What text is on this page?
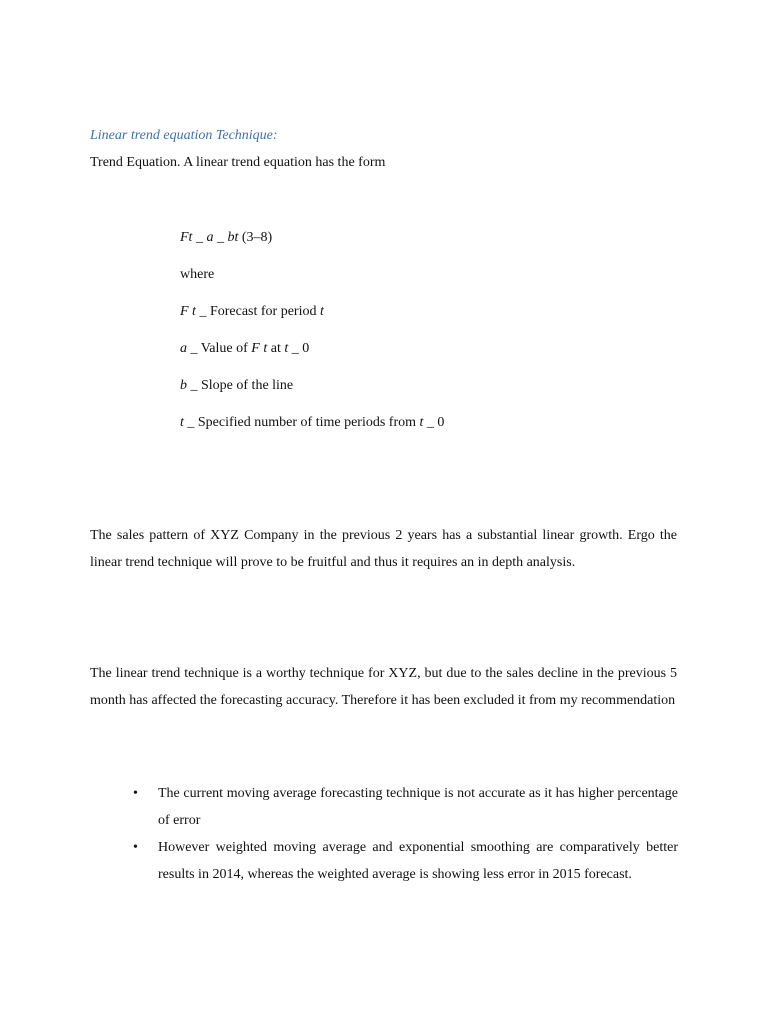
Linear trend equation Technique:
Trend Equation. A linear trend equation has the form
Ft _ a _ bt (3–8)
where
F t _ Forecast for period t
a _ Value of F t at t _ 0
b _ Slope of the line
t _ Specified number of time periods from t _ 0
The sales pattern of XYZ Company in the previous 2 years has a substantial linear growth. Ergo the linear trend technique will prove to be fruitful and thus it requires an in depth analysis.
The linear trend technique is a worthy technique for XYZ, but due to the sales decline in the previous 5 month has affected the forecasting accuracy. Therefore it has been excluded it from my recommendation
• The current moving average forecasting technique is not accurate as it has higher percentage of error
• However weighted moving average and exponential smoothing are comparatively better results in 2014, whereas the weighted average is showing less error in 2015 forecast.
